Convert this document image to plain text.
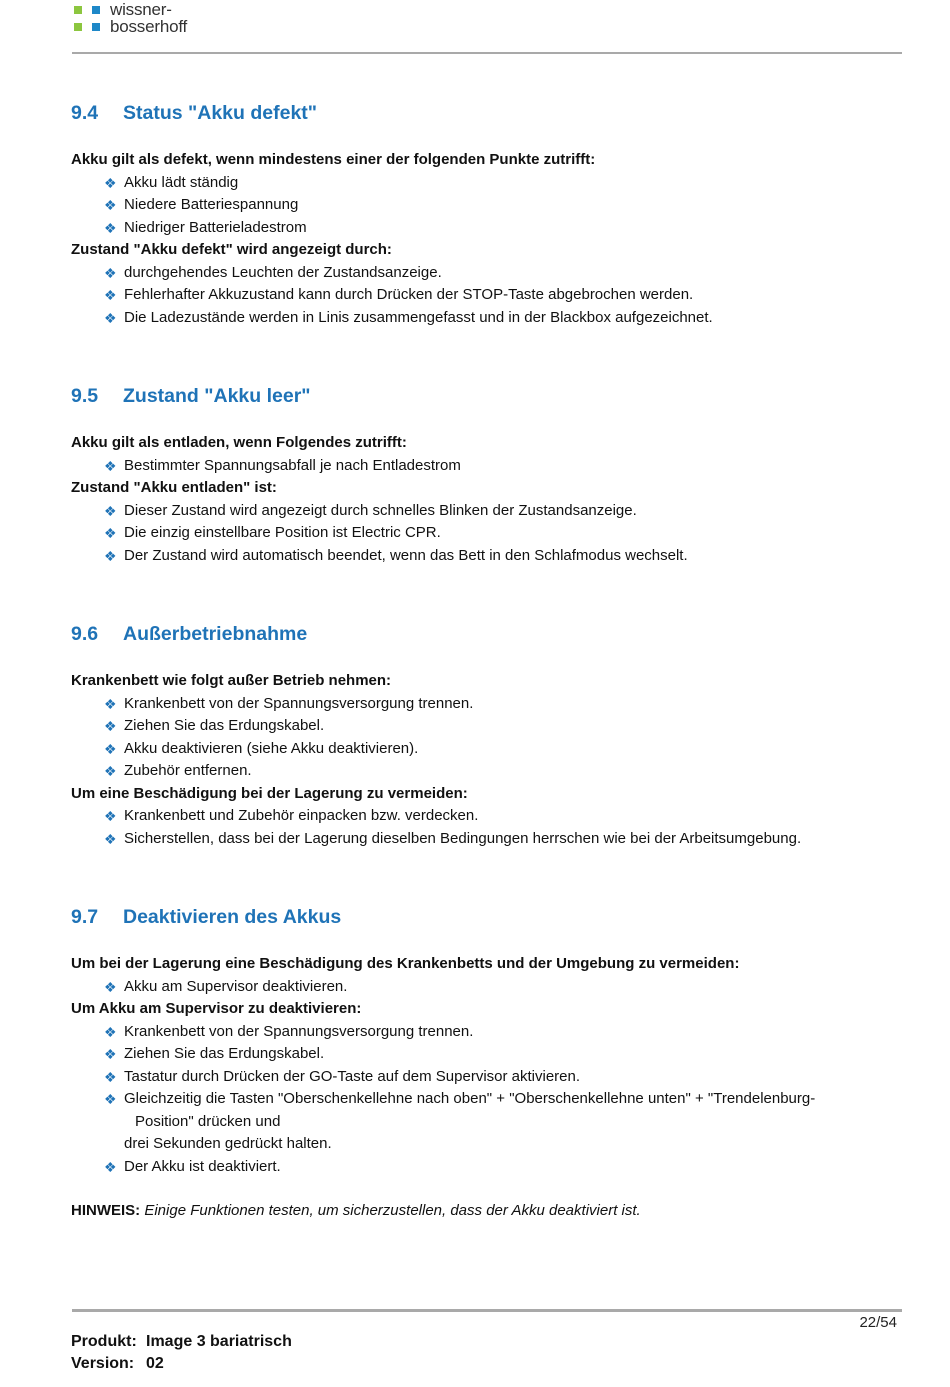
wissner-
bosserhoff
9.4 Status "Akku defekt"
Akku gilt als defekt, wenn mindestens einer der folgenden Punkte zutrifft:
❖ Akku lädt ständig
❖ Niedere Batteriespannung
❖ Niedriger Batterieladestrom
Zustand "Akku defekt" wird angezeigt durch:
❖ durchgehendes Leuchten der Zustandsanzeige.
❖ Fehlerhafter Akkuzustand kann durch Drücken der STOP-Taste abgebrochen werden.
❖ Die Ladezustände werden in Linis zusammengefasst und in der Blackbox aufgezeichnet.
9.5 Zustand "Akku leer"
Akku gilt als entladen, wenn Folgendes zutrifft:
❖ Bestimmter Spannungsabfall je nach Entladestrom
Zustand "Akku entladen" ist:
❖ Dieser Zustand wird angezeigt durch schnelles Blinken der Zustandsanzeige.
❖ Die einzig einstellbare Position ist Electric CPR.
❖ Der Zustand wird automatisch beendet, wenn das Bett in den Schlafmodus wechselt.
9.6 Außerbetriebnahme
Krankenbett wie folgt außer Betrieb nehmen:
❖ Krankenbett von der Spannungsversorgung trennen.
❖ Ziehen Sie das Erdungskabel.
❖ Akku deaktivieren (siehe Akku deaktivieren).
❖ Zubehör entfernen.
Um eine Beschädigung bei der Lagerung zu vermeiden:
❖ Krankenbett und Zubehör einpacken bzw. verdecken.
❖ Sicherstellen, dass bei der Lagerung dieselben Bedingungen herrschen wie bei der Arbeitsumgebung.
9.7 Deaktivieren des Akkus
Um bei der Lagerung eine Beschädigung des Krankenbetts und der Umgebung zu vermeiden:
❖ Akku am Supervisor deaktivieren.
Um Akku am Supervisor zu deaktivieren:
❖ Krankenbett von der Spannungsversorgung trennen.
❖ Ziehen Sie das Erdungskabel.
❖ Tastatur durch Drücken der GO-Taste auf dem Supervisor aktivieren.
❖ Gleichzeitig die Tasten "Oberschenkellehne nach oben" + "Oberschenkellehne unten" + "Trendelenburg-
Position" drücken und
drei Sekunden gedrückt halten.
❖ Der Akku ist deaktiviert.
HINWEIS: Einige Funktionen testen, um sicherzustellen, dass der Akku deaktiviert ist.
22/54
Produkt: Image 3 bariatrisch
Version: 02
